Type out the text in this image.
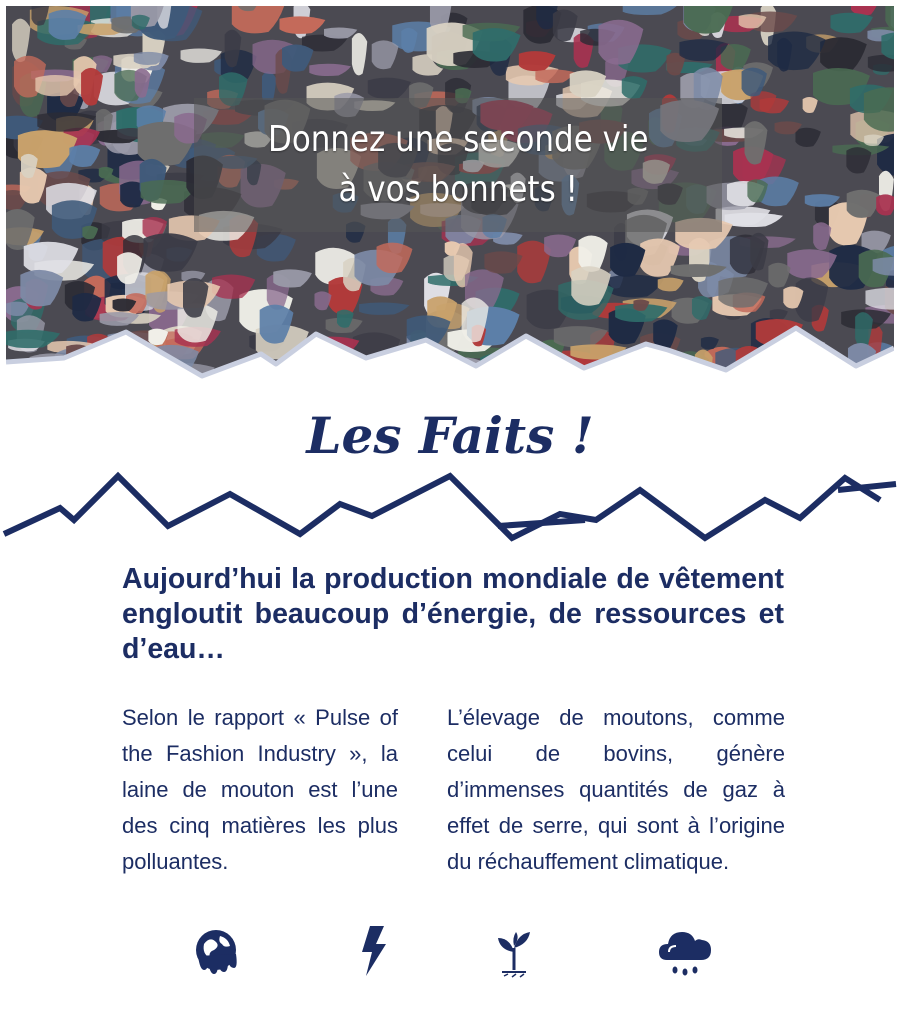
Donnez une seconde vie
à vos bonnets !
Les Faits !
Aujourd’hui la production mondiale de vêtement engloutit beaucoup d’énergie, de ressources et d’eau…
Selon le rapport « Pulse of the Fashion Industry », la laine de mouton est l’une des cinq matières les plus polluantes.
L’élevage de moutons, comme celui de bovins, génère d’immenses quantités de gaz à effet de serre, qui sont à l’origine du réchauffement climatique.
